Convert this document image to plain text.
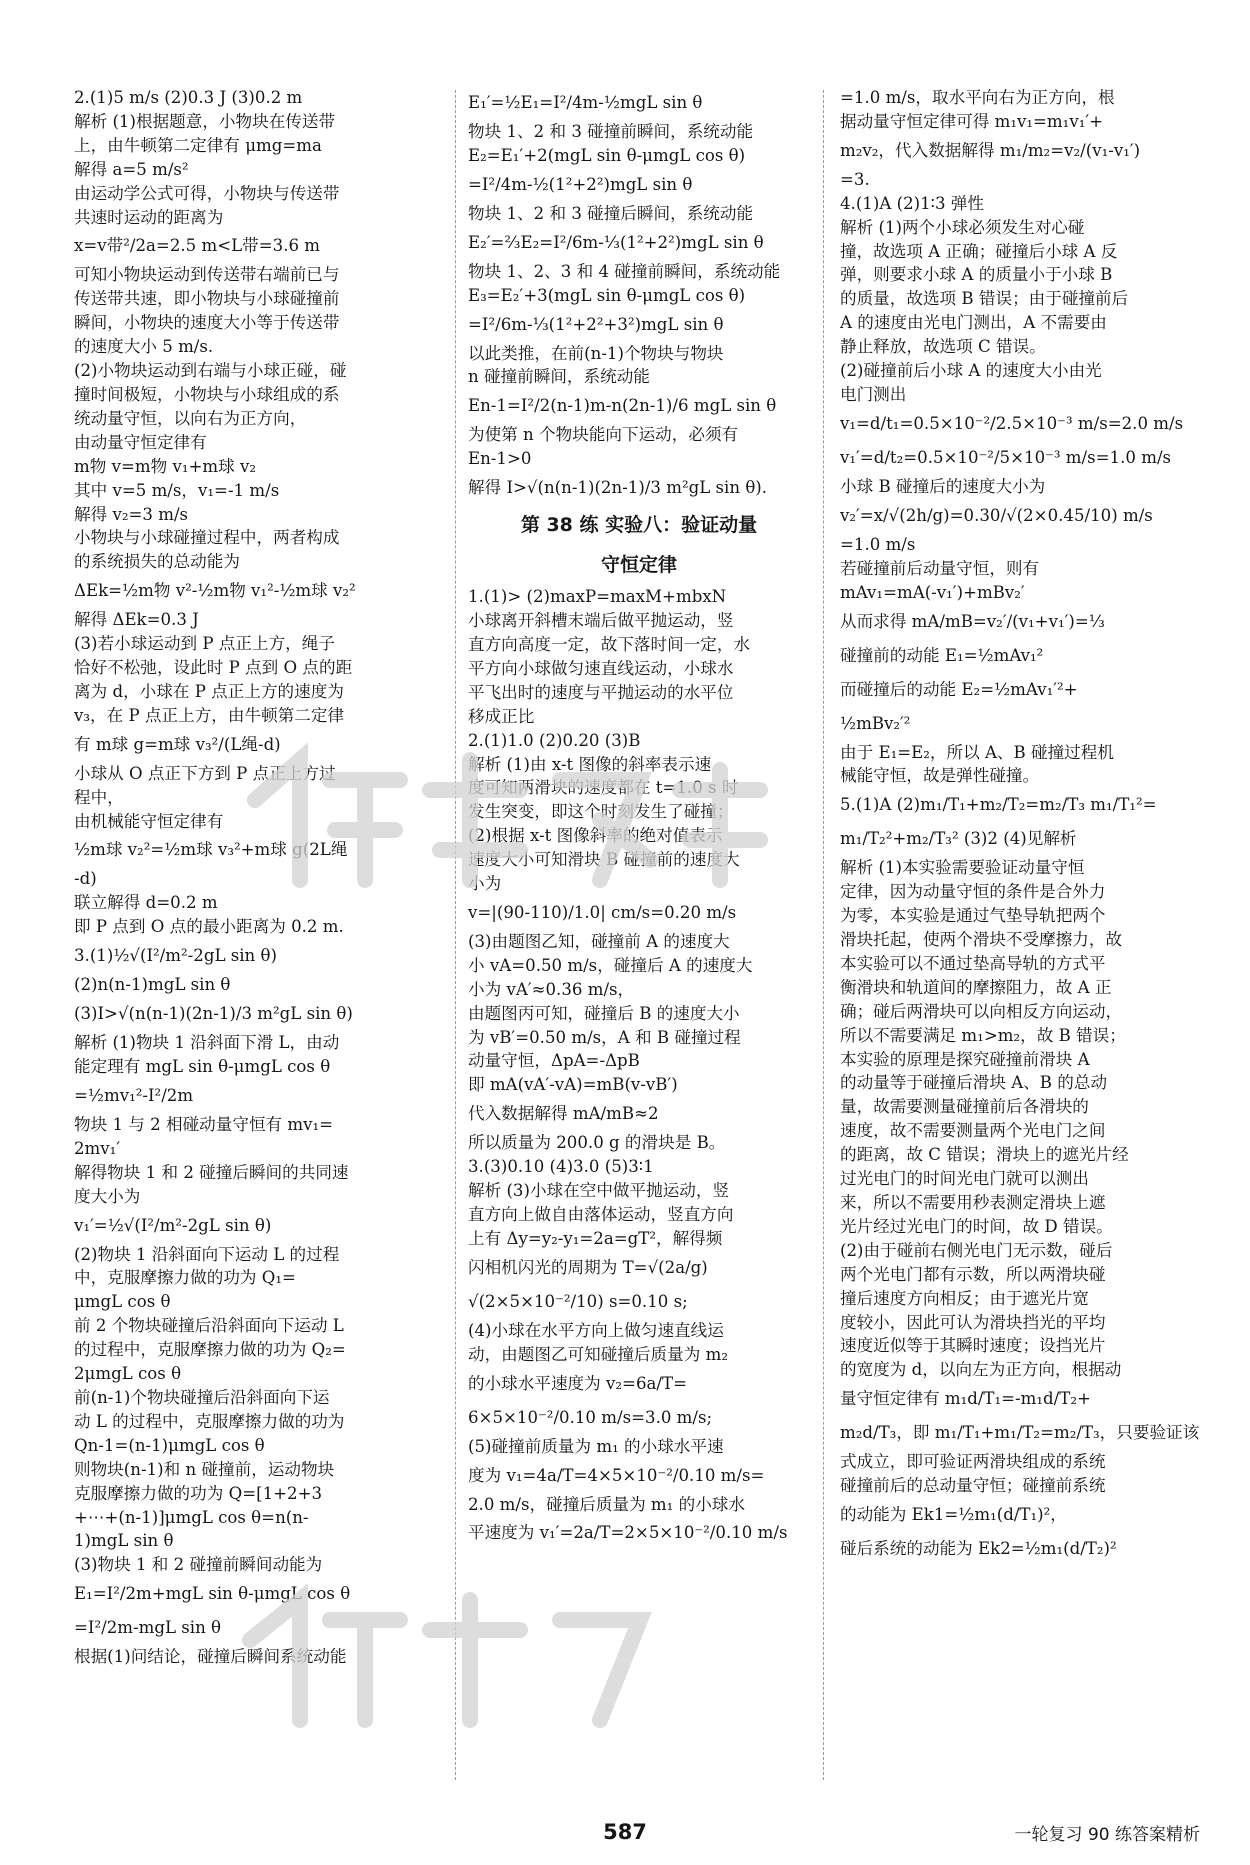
2.(1)5 m/s (2)0.3 J (3)0.2 m
解析 (1)根据题意，小物块在传送带
上，由牛顿第二定律有 μmg=ma
解得 a=5 m/s²
由运动学公式可得，小物块与传送带
共速时运动的距离为
x=v带²/2a=2.5 m<L带=3.6 m
可知小物块运动到传送带右端前已与
传送带共速，即小物块与小球碰撞前
瞬间，小物块的速度大小等于传送带
的速度大小 5 m/s.
(2)小物块运动到右端与小球正碰，碰
撞时间极短，小物块与小球组成的系
统动量守恒，以向右为正方向，
由动量守恒定律有
m物 v=m物 v₁+m球 v₂
其中 v=5 m/s，v₁=-1 m/s
解得 v₂=3 m/s
小物块与小球碰撞过程中，两者构成
的系统损失的总动能为
ΔEk=½m物 v²-½m物 v₁²-½m球 v₂²
解得 ΔEk=0.3 J
(3)若小球运动到 P 点正上方，绳子
恰好不松弛，设此时 P 点到 O 点的距
离为 d，小球在 P 点正上方的速度为
v₃，在 P 点正上方，由牛顿第二定律
有 m球 g=m球 v₃²/(L绳-d)
小球从 O 点正下方到 P 点正上方过
程中，
由机械能守恒定律有
½m球 v₂²=½m球 v₃²+m球 g(2L绳
-d)
联立解得 d=0.2 m
即 P 点到 O 点的最小距离为 0.2 m.
3.(1)½√(I²/m²-2gL sin θ)
(2)n(n-1)mgL sin θ
(3)I>√(n(n-1)(2n-1)/3 m²gL sin θ)
解析 (1)物块 1 沿斜面下滑 L，由动
能定理有 mgL sin θ-μmgL cos θ
=½mv₁²-I²/2m
物块 1 与 2 相碰动量守恒有 mv₁=
2mv₁′
解得物块 1 和 2 碰撞后瞬间的共同速
度大小为
v₁′=½√(I²/m²-2gL sin θ)
(2)物块 1 沿斜面向下运动 L 的过程
中，克服摩擦力做的功为 Q₁=
μmgL cos θ
前 2 个物块碰撞后沿斜面向下运动 L
的过程中，克服摩擦力做的功为 Q₂=
2μmgL cos θ
前(n-1)个物块碰撞后沿斜面向下运
动 L 的过程中，克服摩擦力做的功为
Qn-1=(n-1)μmgL cos θ
则物块(n-1)和 n 碰撞前，运动物块
克服摩擦力做的功为 Q=[1+2+3
+⋯+(n-1)]μmgL cos θ=n(n-
1)mgL sin θ
(3)物块 1 和 2 碰撞前瞬间动能为
E₁=I²/2m+mgL sin θ-μmgL cos θ
=I²/2m-mgL sin θ
根据(1)问结论，碰撞后瞬间系统动能
E₁′=½E₁=I²/4m-½mgL sin θ
物块 1、2 和 3 碰撞前瞬间，系统动能
E₂=E₁′+2(mgL sin θ-μmgL cos θ)
=I²/4m-½(1²+2²)mgL sin θ
物块 1、2 和 3 碰撞后瞬间，系统动能
E₂′=⅔E₂=I²/6m-⅓(1²+2²)mgL sin θ
物块 1、2、3 和 4 碰撞前瞬间，系统动能
E₃=E₂′+3(mgL sin θ-μmgL cos θ)
=I²/6m-⅓(1²+2²+3²)mgL sin θ
以此类推，在前(n-1)个物块与物块
n 碰撞前瞬间，系统动能
En-1=I²/2(n-1)m-n(2n-1)/6 mgL sin θ
为使第 n 个物块能向下运动，必须有
En-1>0
解得 I>√(n(n-1)(2n-1)/3 m²gL sin θ).
第 38 练 实验八：验证动量
守恒定律
1.(1)> (2)maxP=maxM+mbxN
小球离开斜槽末端后做平抛运动，竖
直方向高度一定，故下落时间一定，水
平方向小球做匀速直线运动，小球水
平飞出时的速度与平抛运动的水平位
移成正比
2.(1)1.0 (2)0.20 (3)B
解析 (1)由 x-t 图像的斜率表示速
度可知两滑块的速度都在 t=1.0 s 时
发生突变，即这个时刻发生了碰撞；
(2)根据 x-t 图像斜率的绝对值表示
速度大小可知滑块 B 碰撞前的速度大
小为
v=|(90-110)/1.0| cm/s=0.20 m/s
(3)由题图乙知，碰撞前 A 的速度大
小 vA=0.50 m/s，碰撞后 A 的速度大
小为 vA′≈0.36 m/s，
由题图丙可知，碰撞后 B 的速度大小
为 vB′=0.50 m/s，A 和 B 碰撞过程
动量守恒，ΔpA=-ΔpB
即 mA(vA′-vA)=mB(v-vB′)
代入数据解得 mA/mB≈2
所以质量为 200.0 g 的滑块是 B。
3.(3)0.10 (4)3.0 (5)3∶1
解析 (3)小球在空中做平抛运动，竖
直方向上做自由落体运动，竖直方向
上有 Δy=y₂-y₁=2a=gT²，解得频
闪相机闪光的周期为 T=√(2a/g)
√(2×5×10⁻²/10) s=0.10 s;
(4)小球在水平方向上做匀速直线运
动，由题图乙可知碰撞后质量为 m₂
的小球水平速度为 v₂=6a/T=
6×5×10⁻²/0.10 m/s=3.0 m/s;
(5)碰撞前质量为 m₁ 的小球水平速
度为 v₁=4a/T=4×5×10⁻²/0.10 m/s=
2.0 m/s，碰撞后质量为 m₁ 的小球水
平速度为 v₁′=2a/T=2×5×10⁻²/0.10 m/s
=1.0 m/s，取水平向右为正方向，根
据动量守恒定律可得 m₁v₁=m₁v₁′+
m₂v₂，代入数据解得 m₁/m₂=v₂/(v₁-v₁′)
=3.
4.(1)A (2)1∶3 弹性
解析 (1)两个小球必须发生对心碰
撞，故选项 A 正确；碰撞后小球 A 反
弹，则要求小球 A 的质量小于小球 B
的质量，故选项 B 错误；由于碰撞前后
A 的速度由光电门测出，A 不需要由
静止释放，故选项 C 错误。
(2)碰撞前后小球 A 的速度大小由光
电门测出
v₁=d/t₁=0.5×10⁻²/2.5×10⁻³ m/s=2.0 m/s
v₁′=d/t₂=0.5×10⁻²/5×10⁻³ m/s=1.0 m/s
小球 B 碰撞后的速度大小为
v₂′=x/√(2h/g)=0.30/√(2×0.45/10) m/s
=1.0 m/s
若碰撞前后动量守恒，则有
mAv₁=mA(-v₁′)+mBv₂′
从而求得 mA/mB=v₂′/(v₁+v₁′)=⅓
碰撞前的动能 E₁=½mAv₁²
而碰撞后的动能 E₂=½mAv₁′²+
½mBv₂′²
由于 E₁=E₂，所以 A、B 碰撞过程机
械能守恒，故是弹性碰撞。
5.(1)A (2)m₁/T₁+m₂/T₂=m₂/T₃ m₁/T₁²=
m₁/T₂²+m₂/T₃² (3)2 (4)见解析
解析 (1)本实验需要验证动量守恒
定律，因为动量守恒的条件是合外力
为零，本实验是通过气垫导轨把两个
滑块托起，使两个滑块不受摩擦力，故
本实验可以不通过垫高导轨的方式平
衡滑块和轨道间的摩擦阻力，故 A 正
确；碰后两滑块可以向相反方向运动，
所以不需要满足 m₁>m₂，故 B 错误；
本实验的原理是探究碰撞前滑块 A
的动量等于碰撞后滑块 A、B 的总动
量，故需要测量碰撞前后各滑块的
速度，故不需要测量两个光电门之间
的距离，故 C 错误；滑块上的遮光片经
过光电门的时间光电门就可以测出
来，所以不需要用秒表测定滑块上遮
光片经过光电门的时间，故 D 错误。
(2)由于碰前右侧光电门无示数，碰后
两个光电门都有示数，所以两滑块碰
撞后速度方向相反；由于遮光片宽
度较小，因此可认为滑块挡光的平均
速度近似等于其瞬时速度；设挡光片
的宽度为 d，以向左为正方向，根据动
量守恒定律有 m₁d/T₁=-m₁d/T₂+
m₂d/T₃，即 m₁/T₁+m₁/T₂=m₂/T₃，只要验证该
式成立，即可验证两滑块组成的系统
碰撞前后的总动量守恒；碰撞前系统
的动能为 Ek1=½m₁(d/T₁)²，
碰后系统的动能为 Ek2=½m₁(d/T₂)²
587	一轮复习 90 练答案精析
